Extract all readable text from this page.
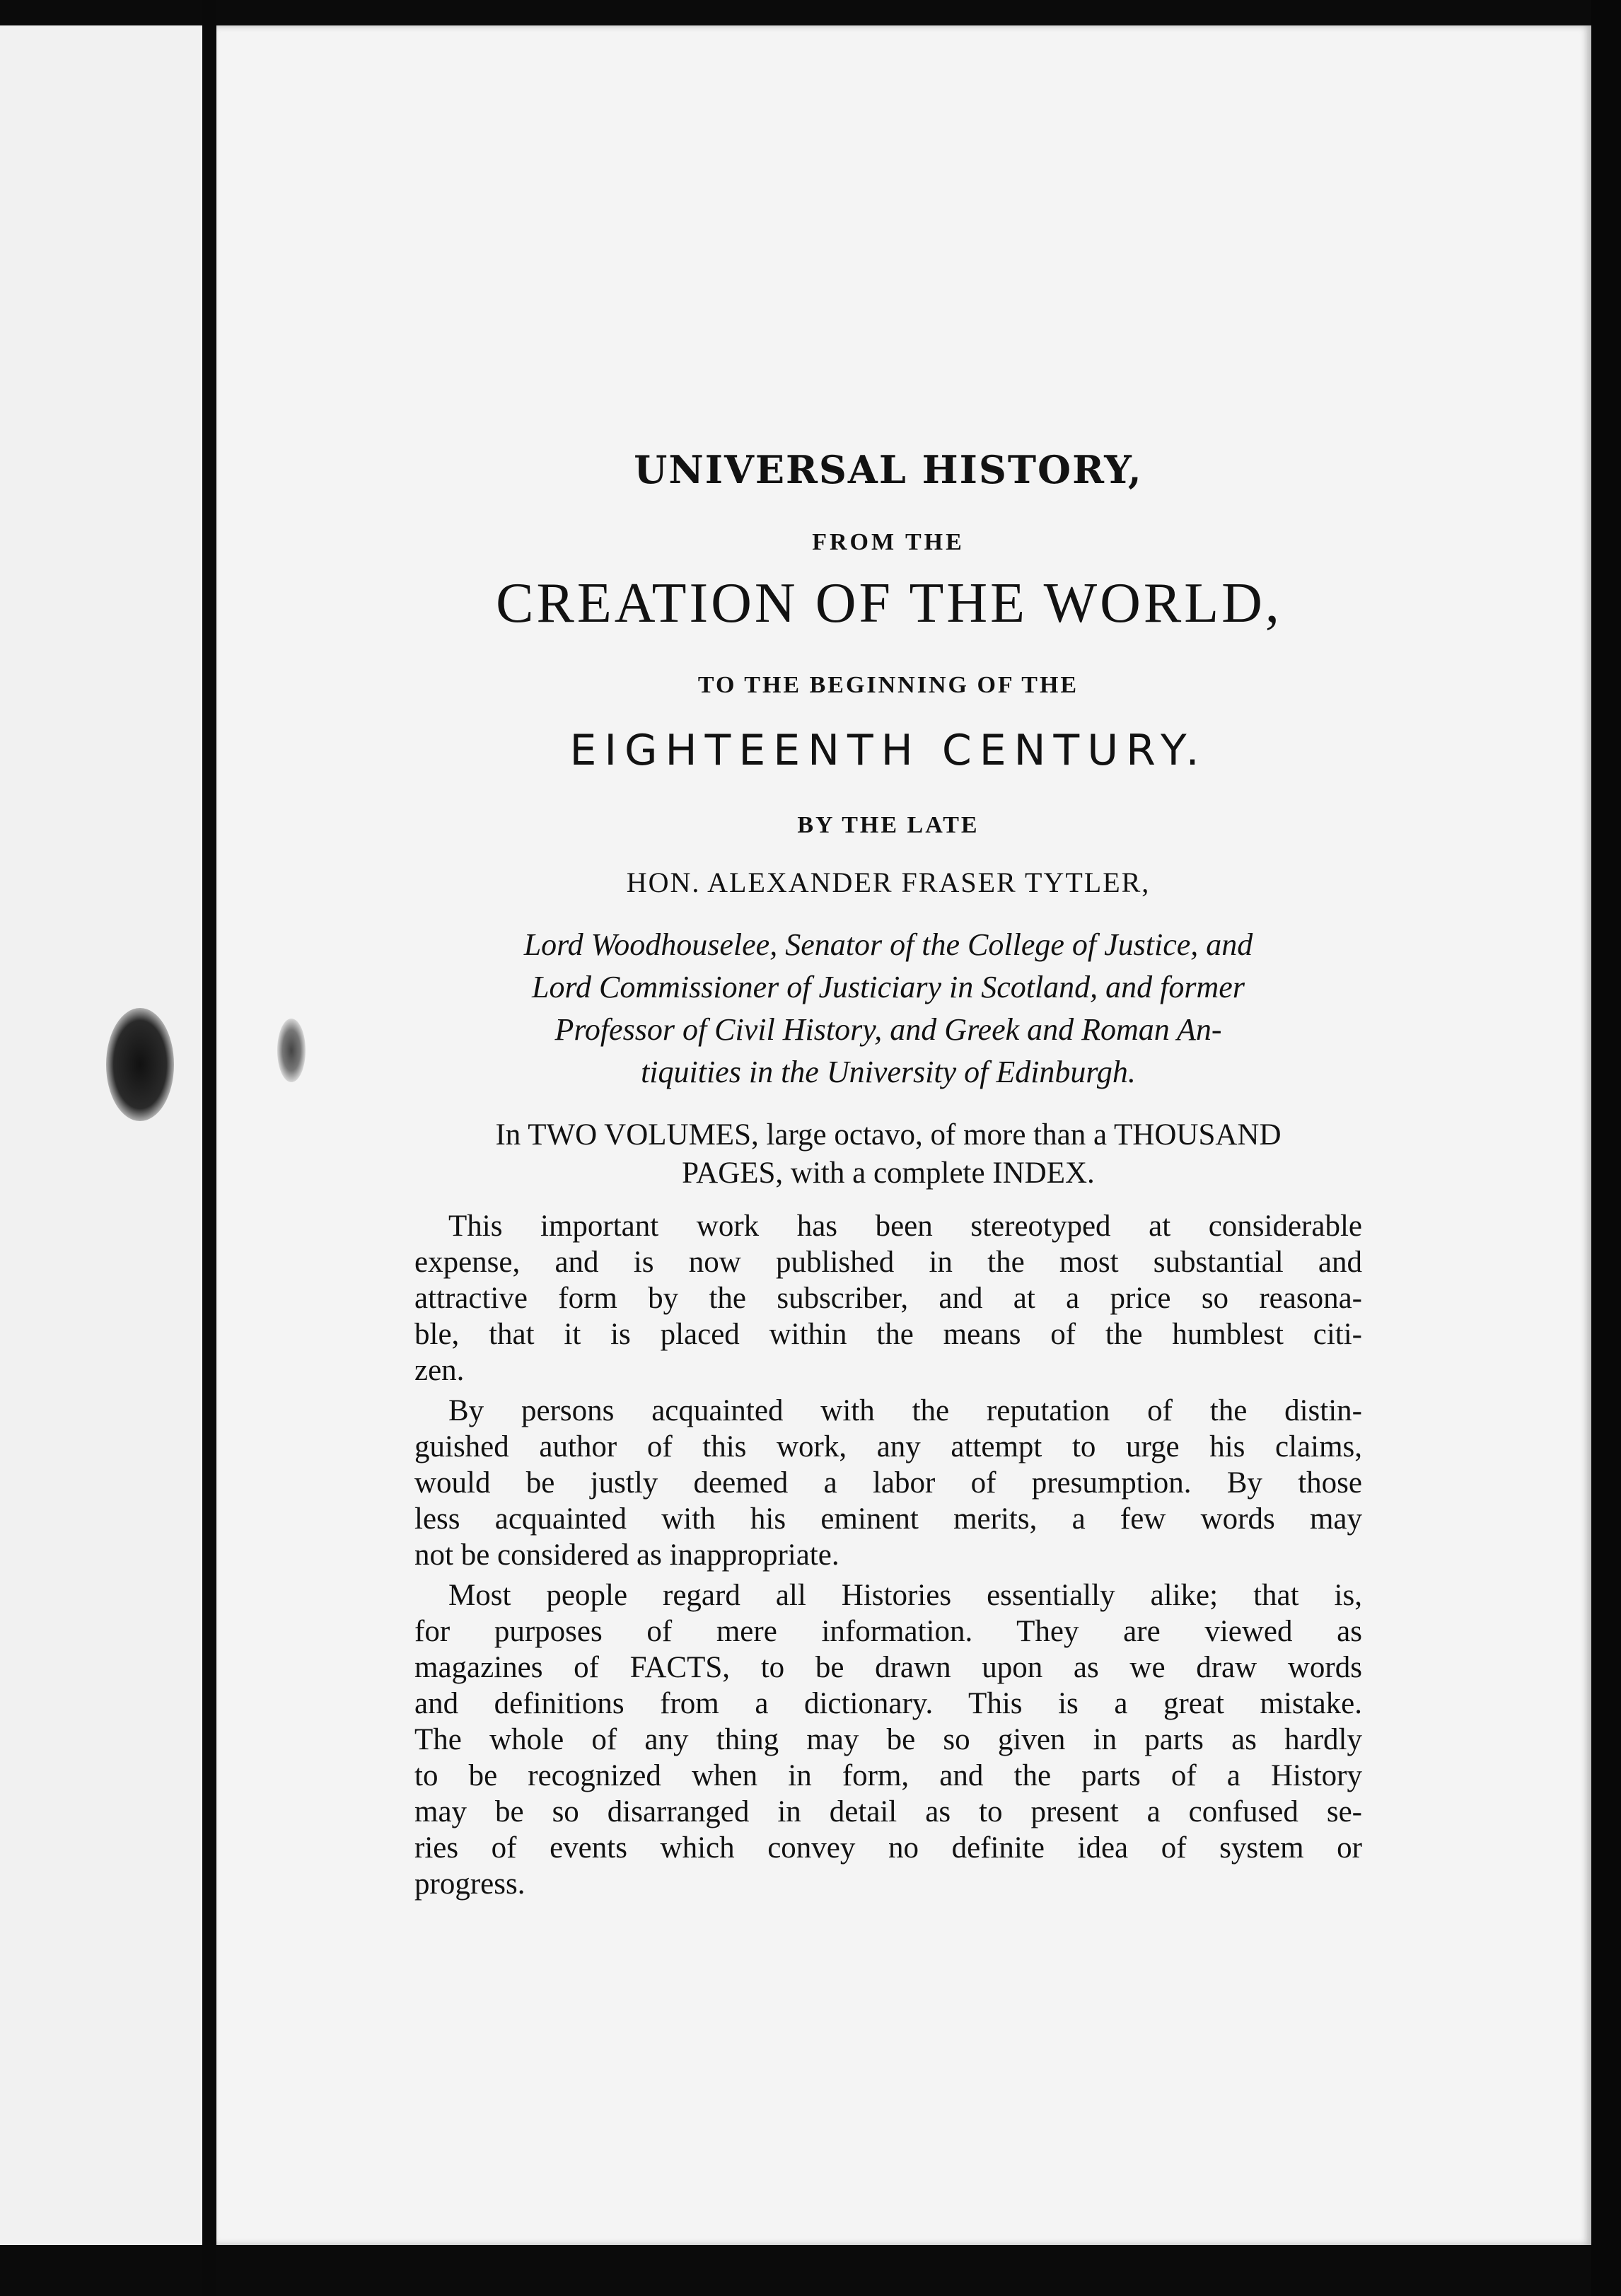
UNIVERSAL HISTORY,

FROM THE

CREATION OF THE WORLD,

TO THE BEGINNING OF THE

EIGHTEENTH CENTURY.

BY THE LATE

HON. ALEXANDER FRASER TYTLER,

Lord Woodhouselee, Senator of the College of Justice, and
Lord Commissioner of Justiciary in Scotland, and former
Professor of Civil History, and Greek and Roman An-
tiquities in the University of Edinburgh.
In TWO VOLUMES, large octavo, of more than a THOUSAND
PAGES, with a complete INDEX.
This important work has been stereotyped at considerable
expense, and is now published in the most substantial and
attractive form by the subscriber, and at a price so reasona-
ble, that it is placed within the means of the humblest citi-
zen.
By persons acquainted with the reputation of the distin-
guished author of this work, any attempt to urge his claims,
would be justly deemed a labor of presumption. By those
less acquainted with his eminent merits, a few words may
not be considered as inappropriate.
Most people regard all Histories essentially alike; that is,
for purposes of mere information. They are viewed as
magazines of FACTS, to be drawn upon as we draw words
and definitions from a dictionary. This is a great mistake.
The whole of any thing may be so given in parts as hardly
to be recognized when in form, and the parts of a History
may be so disarranged in detail as to present a confused se-
ries of events which convey no definite idea of system or
progress.
